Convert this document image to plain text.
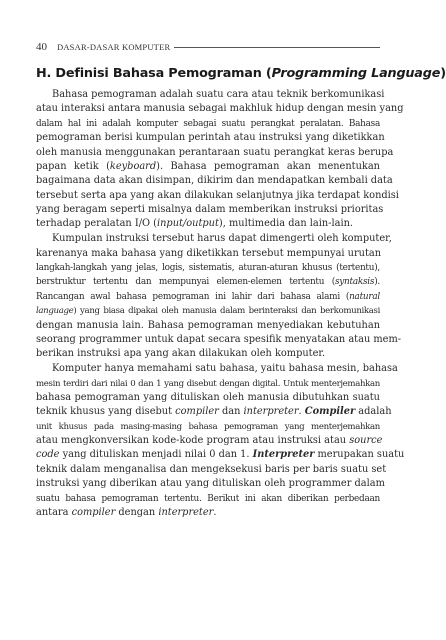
40 DASAR-DASAR KOMPUTER
H. Definisi Bahasa Pemograman (Programming Language)
Bahasa pemograman adalah suatu cara atau teknik berkomunikasi
atau interaksi antara manusia sebagai makhluk hidup dengan mesin yang
dalam hal ini adalah komputer sebagai suatu perangkat peralatan. Bahasa
pemograman berisi kumpulan perintah atau instruksi yang diketikkan
oleh manusia menggunakan perantaraan suatu perangkat keras berupa
papan ketik (keyboard). Bahasa pemograman akan menentukan
bagaimana data akan disimpan, dikirim dan mendapatkan kembali data
tersebut serta apa yang akan dilakukan selanjutnya jika terdapat kondisi
yang beragam seperti misalnya dalam memberikan instruksi prioritas
terhadap peralatan I/O (input/output), multimedia dan lain-lain.
Kumpulan instruksi tersebut harus dapat dimengerti oleh komputer,
karenanya maka bahasa yang diketikkan tersebut mempunyai urutan
langkah-langkah yang jelas, logis, sistematis, aturan-aturan khusus (tertentu),
berstruktur tertentu dan mempunyai elemen-elemen tertentu (syntaksis).
Rancangan awal bahasa pemograman ini lahir dari bahasa alami (natural
language) yang biasa dipakai oleh manusia dalam berinteraksi dan berkomunikasi
dengan manusia lain. Bahasa pemograman menyediakan kebutuhan
seorang programmer untuk dapat secara spesifik menyatakan atau mem-
berikan instruksi apa yang akan dilakukan oleh komputer.
Komputer hanya memahami satu bahasa, yaitu bahasa mesin, bahasa
mesin terdiri dari nilai 0 dan 1 yang disebut dengan digital. Untuk menterjemahkan
bahasa pemograman yang dituliskan oleh manusia dibutuhkan suatu
teknik khusus yang disebut compiler dan interpreter. Compiler adalah
unit khusus pada masing-masing bahasa pemograman yang menterjemahkan
atau mengkonversikan kode-kode program atau instruksi atau source
code yang dituliskan menjadi nilai 0 dan 1. Interpreter merupakan suatu
teknik dalam menganalisa dan mengeksekusi baris per baris suatu set
instruksi yang diberikan atau yang dituliskan oleh programmer dalam
suatu bahasa pemograman tertentu. Berikut ini akan diberikan perbedaan
antara compiler dengan interpreter.
